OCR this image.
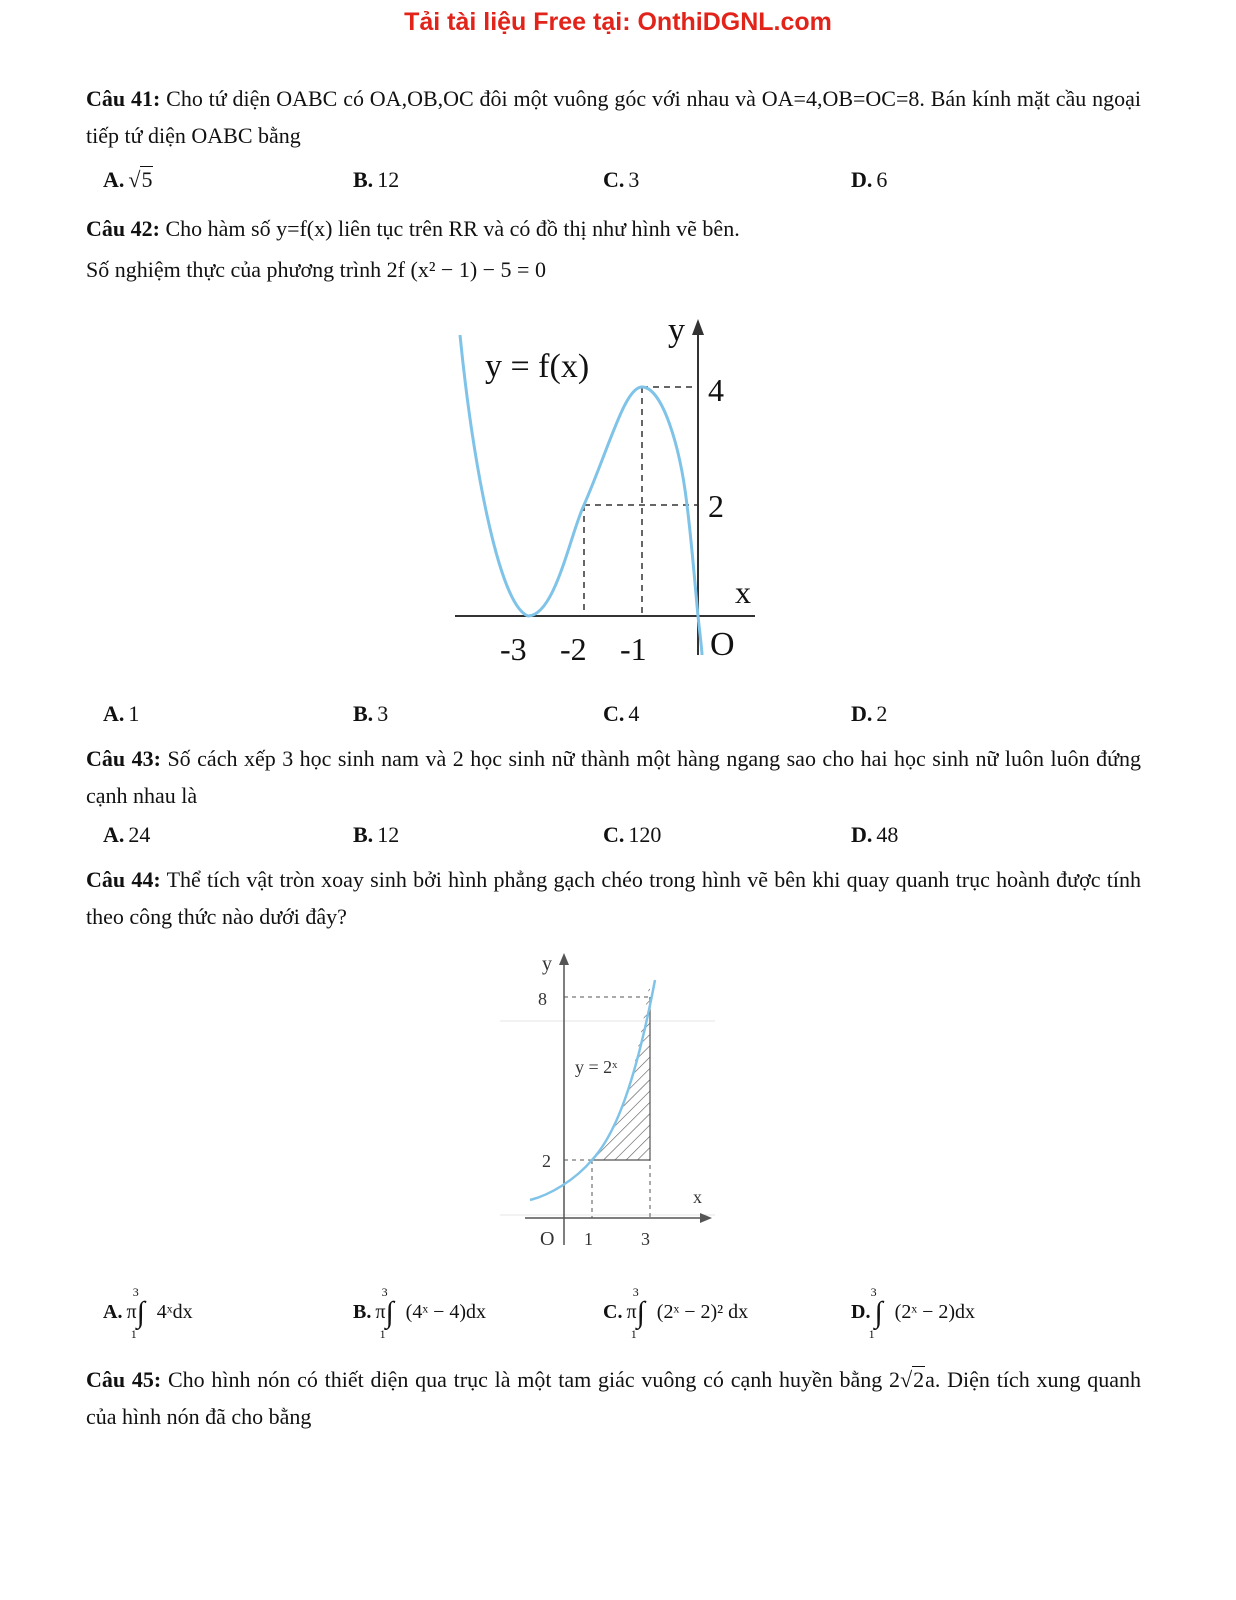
Tải tài liệu Free tại: OnthiDGNL.com
Câu 41: Cho tứ diện OABC có OA,OB,OC đôi một vuông góc với nhau và OA=4,OB=OC=8. Bán kính mặt cầu ngoại tiếp tứ diện OABC bằng
A. √5	B. 12	C. 3	D. 6
Câu 42: Cho hàm số y=f(x) liên tục trên RR và có đồ thị như hình vẽ bên.
Số nghiệm thực của phương trình 2f (x² − 1) − 5 = 0
y = f(x)
y
4
2
x
O
-3 -2 -1
A. 1	B. 3	C. 4	D. 2
Câu 43: Số cách xếp 3 học sinh nam và 2 học sinh nữ thành một hàng ngang sao cho hai học sinh nữ luôn luôn đứng cạnh nhau là
A. 24	B. 12	C. 120	D. 48
Câu 44: Thể tích vật tròn xoay sinh bởi hình phẳng gạch chéo trong hình vẽ bên khi quay quanh trục hoành được tính theo công thức nào dưới đây?
y
8
2
y = 2ˣ
x
O 1	3
A. π∫$^3_1$4ˣdx	B. π∫$^3_1$(4ˣ − 4)dx	C. π∫$^3_1$(2ˣ − 2)² dx	D. ∫$^3_1$(2ˣ − 2)dx
Câu 45: Cho hình nón có thiết diện qua trục là một tam giác vuông có cạnh huyền bằng 2√2a. Diện tích xung quanh của hình nón đã cho bằng
